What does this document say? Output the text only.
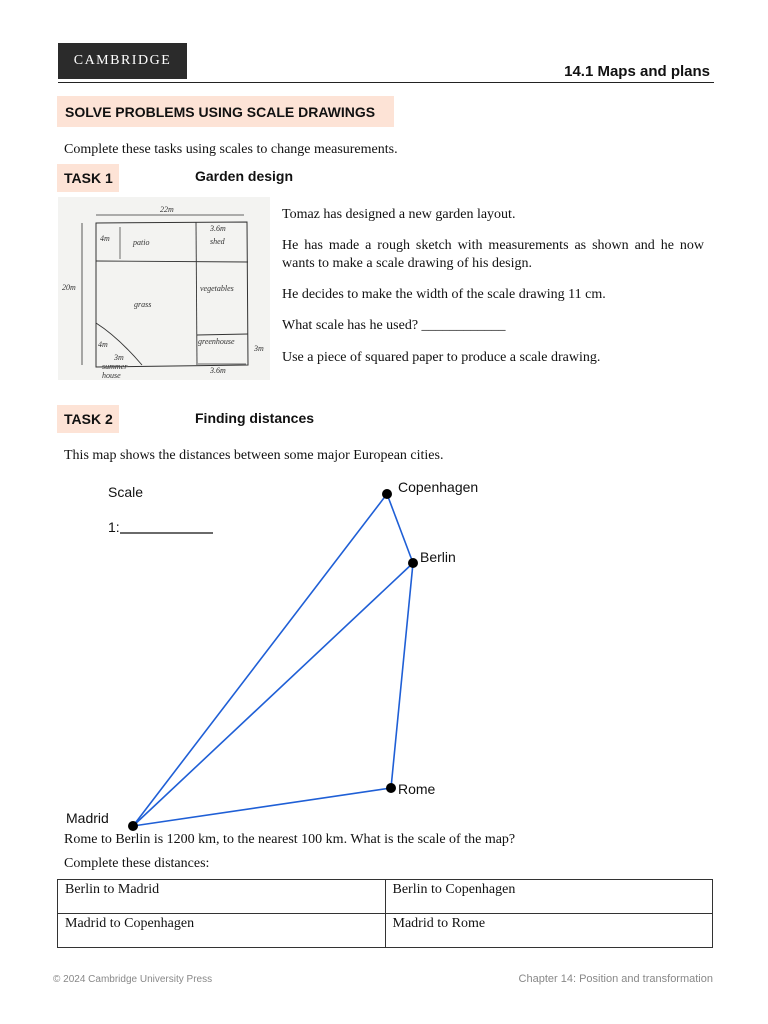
CAMBRIDGE
14.1 Maps and plans
SOLVE PROBLEMS USING SCALE DRAWINGS
Complete these tasks using scales to change measurements.
TASK 1	Garden design
22m
20m
4m	patio
3.6m
shed
vegetables
grass
greenhouse
3m
3.6m
4m
3m
summer
house
Tomaz has designed a new garden layout.
He has made a rough sketch with measurements as shown and he now wants to make a scale drawing of his design.
He decides to make the width of the scale drawing 11 cm.
What scale has he used? ____________
Use a piece of squared paper to produce a scale drawing.
TASK 2	Finding distances
This map shows the distances between some major European cities.
Scale
1:
Copenhagen
Berlin
Rome
Madrid
Rome to Berlin is 1200 km, to the nearest 100 km. What is the scale of the map?
Complete these distances:
Berlin to Madrid	Berlin to Copenhagen
Madrid to Copenhagen	Madrid to Rome
© 2024 Cambridge University Press	Chapter 14: Position and transformation
